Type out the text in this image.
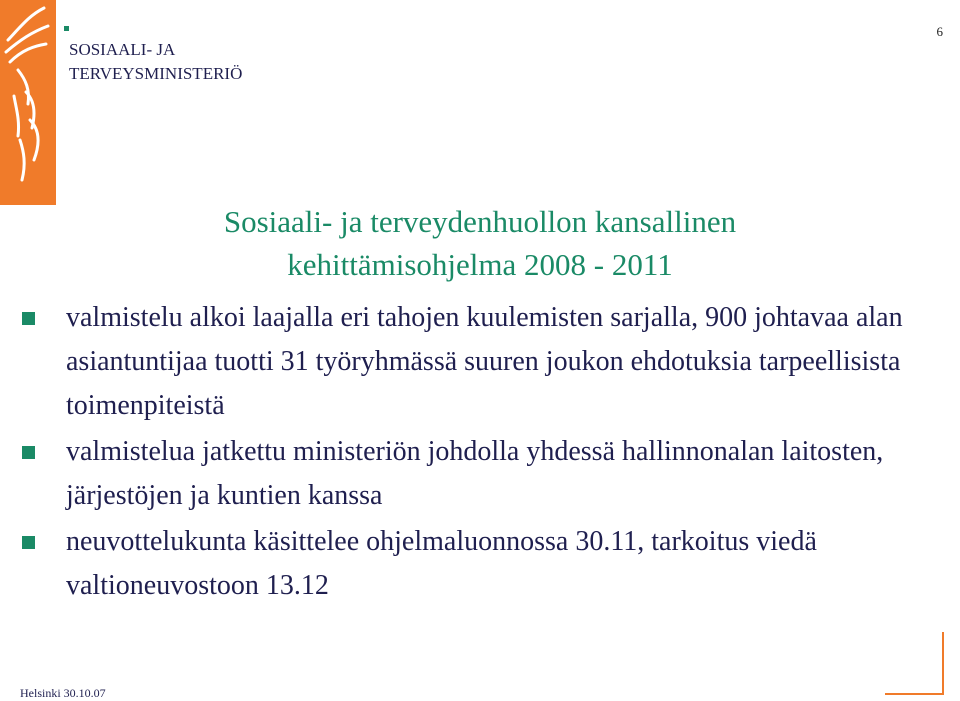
SOSIAALI- JA
TERVEYSMINISTERIÖ
6
Sosiaali- ja terveydenhuollon kansallinen
kehittämisohjelma 2008 - 2011
valmistelu alkoi laajalla eri tahojen kuulemisten sarjalla, 900 johtavaa alan asiantuntijaa tuotti 31 työryhmässä suuren joukon ehdotuksia tarpeellisista toimenpiteistä
valmistelua jatkettu ministeriön johdolla yhdessä hallinnonalan laitosten, järjestöjen ja kuntien kanssa
neuvottelukunta käsittelee ohjelmaluonnossa 30.11, tarkoitus viedä valtioneuvostoon 13.12
Helsinki 30.10.07
